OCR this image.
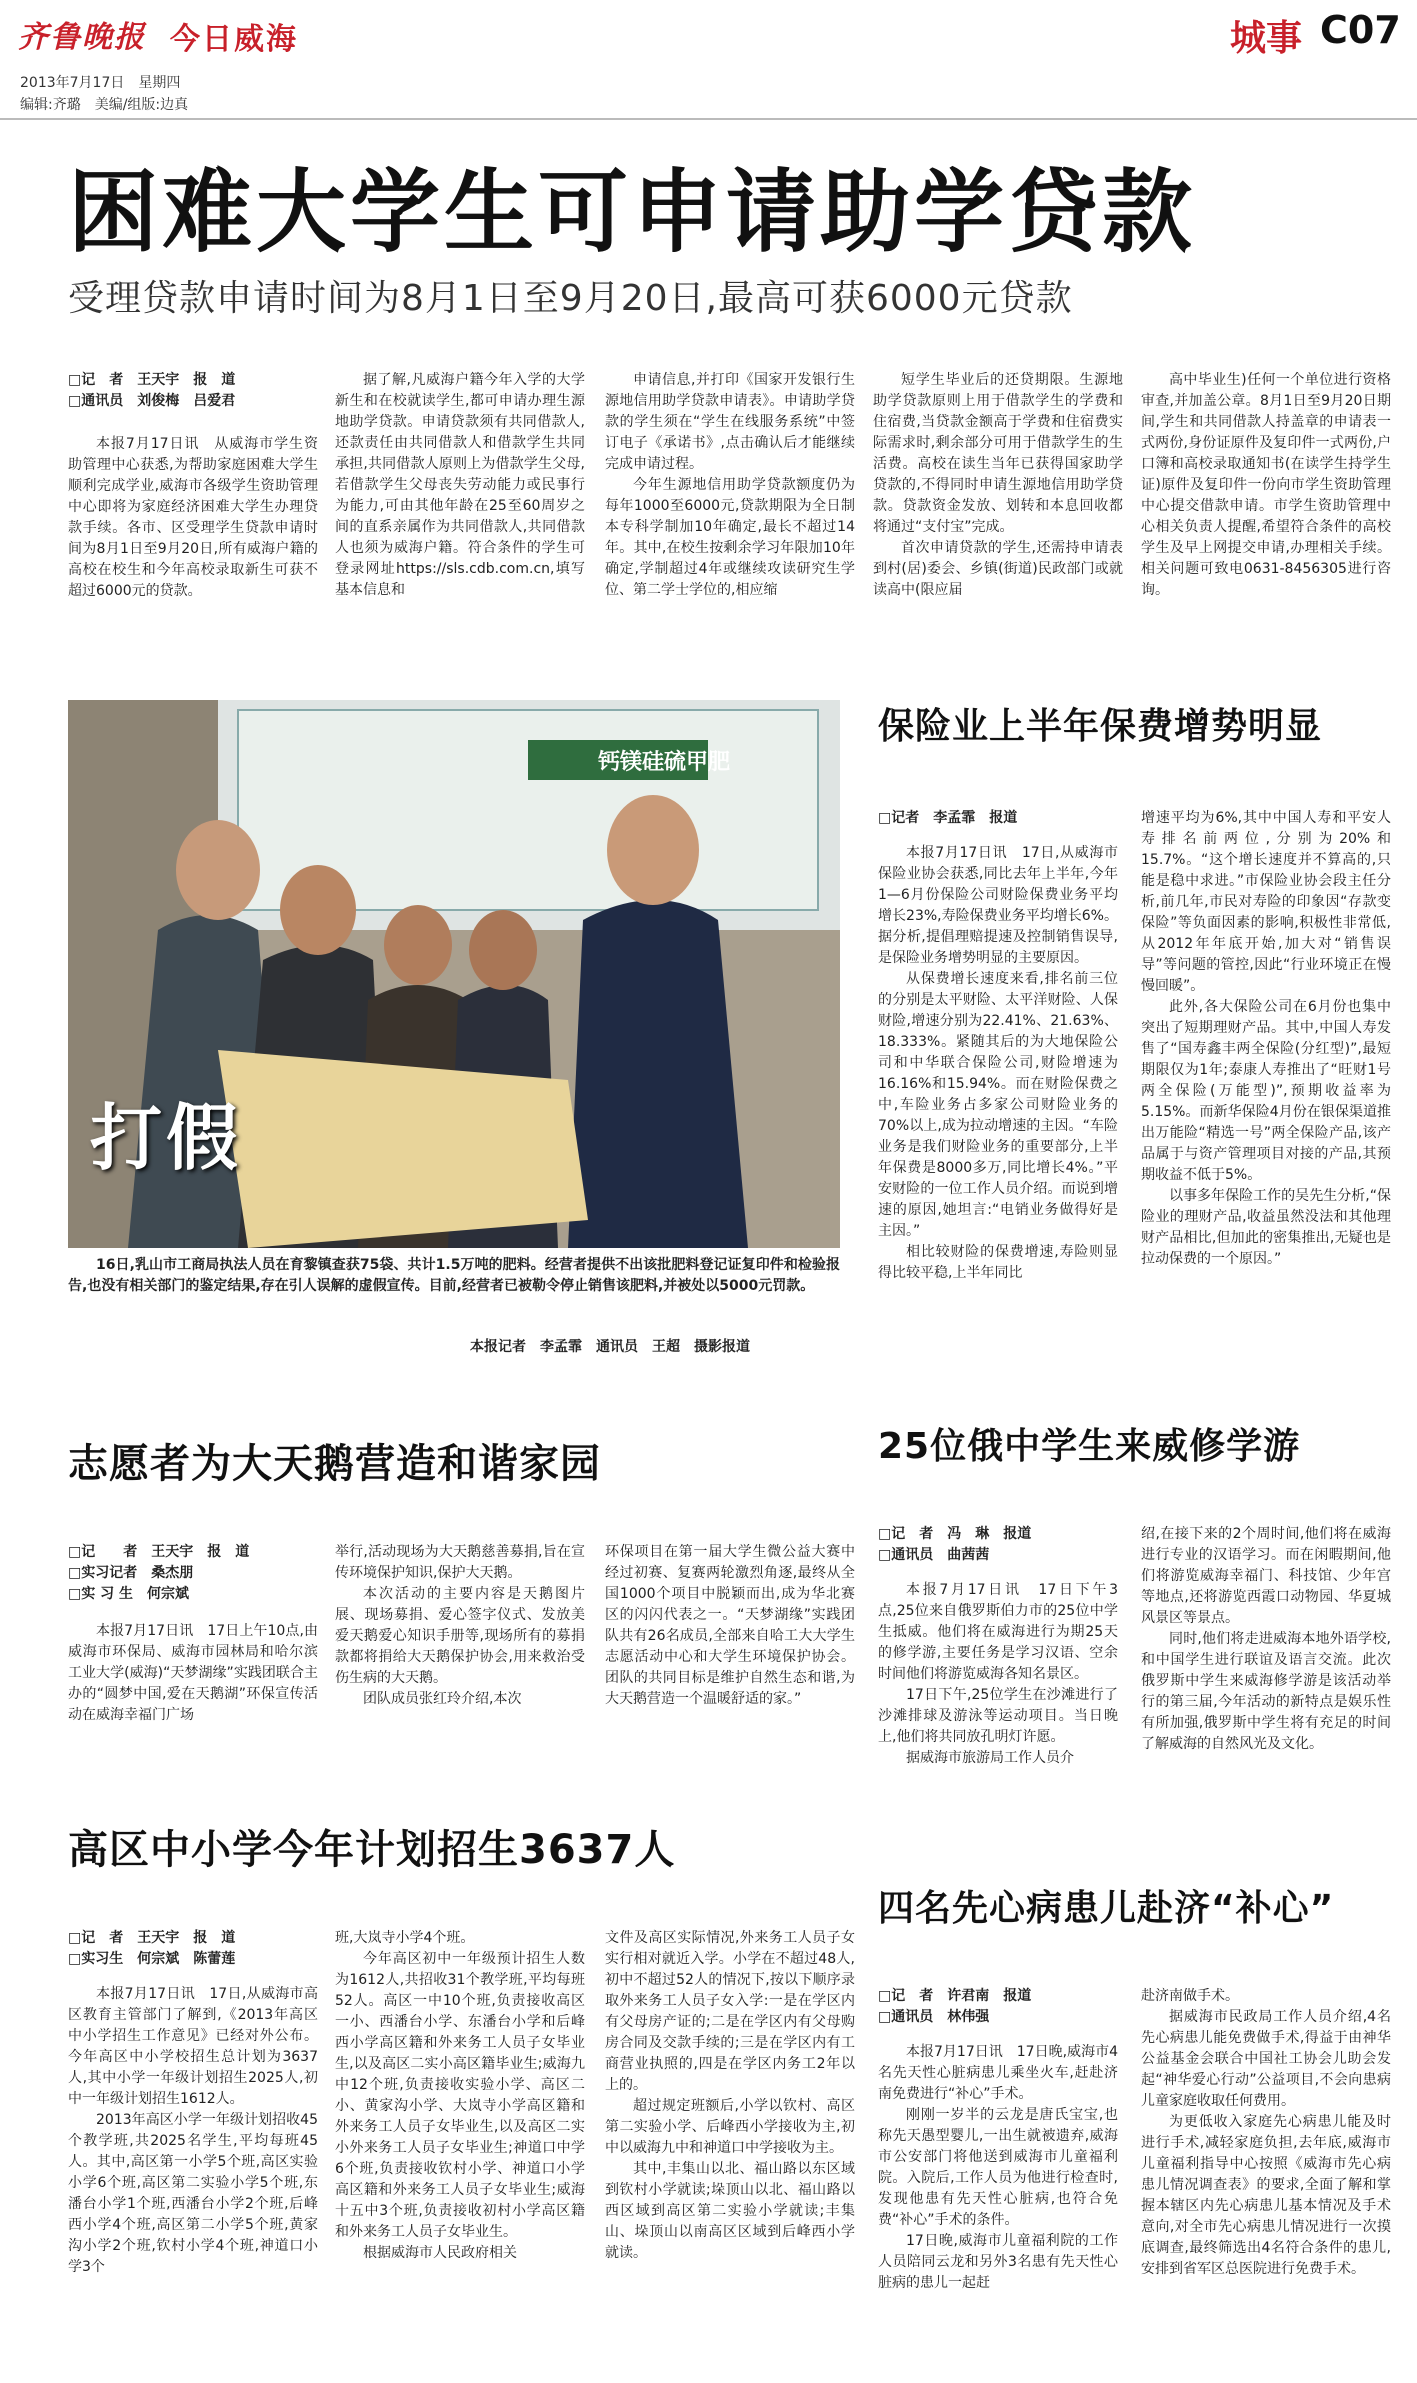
齐鲁晚报 今日威海	城事 C07
2013年7月17日　星期四
编辑:齐璐　美编/组版:边真
困难大学生可申请助学贷款
受理贷款申请时间为8月1日至9月20日,最高可获6000元贷款
□记　者　王天宇　报　道
□通讯员　刘俊梅　吕爱君

本报7月17日讯　从威海市学生资助管理中心获悉,为帮助家庭困难大学生顺利完成学业,威海市各级学生资助管理中心即将为家庭经济困难大学生办理贷款手续。各市、区受理学生贷款申请时间为8月1日至9月20日,所有威海户籍的高校在校生和今年高校录取新生可获不超过6000元的贷款。

据了解,凡威海户籍今年入学的大学新生和在校就读学生,都可申请办理生源地助学贷款。申请贷款须有共同借款人,还款责任由共同借款人和借款学生共同承担,共同借款人原则上为借款学生父母,若借款学生父母丧失劳动能力或民事行为能力,可由其他年龄在25至60周岁之间的直系亲属作为共同借款人,共同借款人也须为威海户籍。符合条件的学生可登录网址https://sls.cdb.com.cn,填写基本信息和

申请信息,并打印《国家开发银行生源地信用助学贷款申请表》。申请助学贷款的学生须在“学生在线服务系统”中签订电子《承诺书》,点击确认后才能继续完成申请过程。

今年生源地信用助学贷款额度仍为每年1000至6000元,贷款期限为全日制本专科学制加10年确定,最长不超过14年。其中,在校生按剩余学习年限加10年确定,学制超过4年或继续攻读研究生学位、第二学士学位的,相应缩

短学生毕业后的还贷期限。生源地助学贷款原则上用于借款学生的学费和住宿费,当贷款金额高于学费和住宿费实际需求时,剩余部分可用于借款学生的生活费。高校在读生当年已获得国家助学贷款的,不得同时申请生源地信用助学贷款。贷款资金发放、划转和本息回收都将通过“支付宝”完成。

首次申请贷款的学生,还需持申请表到村(居)委会、乡镇(街道)民政部门或就读高中(限应届

高中毕业生)任何一个单位进行资格审查,并加盖公章。8月1日至9月20日期间,学生和共同借款人持盖章的申请表一式两份,身份证原件及复印件一式两份,户口簿和高校录取通知书(在读学生持学生证)原件及复印件一份向市学生资助管理中心提交借款申请。市学生资助管理中心相关负责人提醒,希望符合条件的高校学生及早上网提交申请,办理相关手续。相关问题可致电0631-8456305进行咨询。

钙镁硅硫甲肥
打假

16日,乳山市工商局执法人员在育黎镇查获75袋、共计1.5万吨的肥料。经营者提供不出该批肥料登记证复印件和检验报告,也没有相关部门的鉴定结果,存在引人误解的虚假宣传。目前,经营者已被勒令停止销售该肥料,并被处以5000元罚款。

本报记者　李孟霏　通讯员　王超　摄影报道
保险业上半年保费增势明显
□记者　李孟霏　报道

本报7月17日讯　17日,从威海市保险业协会获悉,同比去年上半年,今年1—6月份保险公司财险保费业务平均增长23%,寿险保费业务平均增长6%。据分析,提倡理赔提速及控制销售误导,是保险业务增势明显的主要原因。

从保费增长速度来看,排名前三位的分别是太平财险、太平洋财险、人保财险,增速分别为22.41%、21.63%、18.333%。紧随其后的为大地保险公司和中华联合保险公司,财险增速为16.16%和15.94%。而在财险保费之中,车险业务占多家公司财险业务的70%以上,成为拉动增速的主因。“车险业务是我们财险业务的重要部分,上半年保费是8000多万,同比增长4%。”平安财险的一位工作人员介绍。而说到增速的原因,她坦言:“电销业务做得好是主因。”

相比较财险的保费增速,寿险则显得比较平稳,上半年同比

增速平均为6%,其中中国人寿和平安人寿排名前两位,分别为20%和15.7%。“这个增长速度并不算高的,只能是稳中求进。”市保险业协会段主任分析,前几年,市民对寿险的印象因“存款变保险”等负面因素的影响,积极性非常低,从2012年年底开始,加大对“销售误导”等问题的管控,因此“行业环境正在慢慢回暖”。

此外,各大保险公司在6月份也集中突出了短期理财产品。其中,中国人寿发售了“国寿鑫丰两全保险(分红型)”,最短期限仅为1年;泰康人寿推出了“旺财1号两全保险(万能型)”,预期收益率为5.15%。而新华保险4月份在银保渠道推出万能险“精选一号”两全保险产品,该产品属于与资产管理项目对接的产品,其预期收益不低于5%。

以事多年保险工作的吴先生分析,“保险业的理财产品,收益虽然没法和其他理财产品相比,但加此的密集推出,无疑也是拉动保费的一个原因。”

志愿者为大天鹅营造和谐家园
□记　　者　王天宇　报　道
□实习记者　桑杰朋
□实 习 生　何宗斌

本报7月17日讯　17日上午10点,由威海市环保局、威海市园林局和哈尔滨工业大学(威海)“天梦湖缘”实践团联合主办的“圆梦中国,爱在天鹅湖”环保宣传活动在威海幸福门广场

举行,活动现场为大天鹅慈善募捐,旨在宣传环境保护知识,保护大天鹅。

本次活动的主要内容是天鹅图片展、现场募捐、爱心签字仪式、发放美爱天鹅爱心知识手册等,现场所有的募捐款都将捐给大天鹅保护协会,用来救治受伤生病的大天鹅。

团队成员张红玲介绍,本次

环保项目在第一届大学生微公益大赛中经过初赛、复赛两轮激烈角逐,最终从全国1000个项目中脱颖而出,成为华北赛区的闪闪代表之一。“天梦湖缘”实践团队共有26名成员,全部来自哈工大大学生志愿活动中心和大学生环境保护协会。团队的共同目标是维护自然生态和谐,为大天鹅营造一个温暖舒适的家。”

25位俄中学生来威修学游
□记　者　冯　琳　报道
□通讯员　曲茜茜

本报7月17日讯　17日下午3点,25位来自俄罗斯伯力市的25位中学生抵威。他们将在威海进行为期25天的修学游,主要任务是学习汉语、空余时间他们将游览威海各知名景区。

17日下午,25位学生在沙滩进行了沙滩排球及游泳等运动项目。当日晚上,他们将共同放孔明灯许愿。

据威海市旅游局工作人员介

绍,在接下来的2个周时间,他们将在威海进行专业的汉语学习。而在闲暇期间,他们将游览威海幸福门、科技馆、少年宫等地点,还将游览西霞口动物园、华夏城风景区等景点。

同时,他们将走进威海本地外语学校,和中国学生进行联谊及语言交流。此次俄罗斯中学生来威海修学游是该活动举行的第三届,今年活动的新特点是娱乐性有所加强,俄罗斯中学生将有充足的时间了解威海的自然风光及文化。

高区中小学今年计划招生3637人
□记　者　王天宇　报　道
□实习生　何宗斌　陈蕾莲

本报7月17日讯　17日,从威海市高区教育主管部门了解到,《2013年高区中小学招生工作意见》已经对外公布。今年高区中小学校招生总计划为3637人,其中小学一年级计划招生2025人,初中一年级计划招生1612人。

2013年高区小学一年级计划招收45个教学班,共2025名学生,平均每班45人。其中,高区第一小学5个班,高区实验小学6个班,高区第二实验小学5个班,东潘台小学1个班,西潘台小学2个班,后峰西小学4个班,高区第二小学5个班,黄家沟小学2个班,钦村小学4个班,神道口小学3个

班,大岚寺小学4个班。

今年高区初中一年级预计招生人数为1612人,共招收31个教学班,平均每班52人。高区一中10个班,负责接收高区一小、西潘台小学、东潘台小学和后峰西小学高区籍和外来务工人员子女毕业生,以及高区二实小高区籍毕业生;威海九中12个班,负责接收实验小学、高区二小、黄家沟小学、大岚寺小学高区籍和外来务工人员子女毕业生,以及高区二实小外来务工人员子女毕业生;神道口中学6个班,负责接收钦村小学、神道口小学高区籍和外来务工人员子女毕业生;威海十五中3个班,负责接收初村小学高区籍和外来务工人员子女毕业生。

根据威海市人民政府相关

文件及高区实际情况,外来务工人员子女实行相对就近入学。小学在不超过48人,初中不超过52人的情况下,按以下顺序录取外来务工人员子女入学:一是在学区内有父母房产证的;二是在学区内有父母购房合同及交款手续的;三是在学区内有工商营业执照的,四是在学区内务工2年以上的。

超过规定班额后,小学以钦村、高区第二实验小学、后峰西小学接收为主,初中以威海九中和神道口中学接收为主。

其中,丰集山以北、福山路以东区域到钦村小学就读;垛顶山以北、福山路以西区域到高区第二实验小学就读;丰集山、垛顶山以南高区区域到后峰西小学就读。

四名先心病患儿赴济“补心”
□记　者　许君南　报道
□通讯员　林伟强

本报7月17日讯　17日晚,威海市4名先天性心脏病患儿乘坐火车,赶赴济南免费进行“补心”手术。

刚刚一岁半的云龙是唐氏宝宝,也称先天愚型婴儿,一出生就被遗弃,威海市公安部门将他送到威海市儿童福利院。入院后,工作人员为他进行检查时,发现他患有先天性心脏病,也符合免费“补心”手术的条件。

17日晚,威海市儿童福利院的工作人员陪同云龙和另外3名患有先天性心脏病的患儿一起赶

赴济南做手术。

据威海市民政局工作人员介绍,4名先心病患儿能免费做手术,得益于由神华公益基金会联合中国社工协会儿助会发起“神华爱心行动”公益项目,不会向患病儿童家庭收取任何费用。

为更低收入家庭先心病患儿能及时进行手术,减轻家庭负担,去年底,威海市儿童福利指导中心按照《威海市先心病患儿情况调查表》的要求,全面了解和掌握本辖区内先心病患儿基本情况及手术意向,对全市先心病患儿情况进行一次摸底调查,最终筛选出4名符合条件的患儿,安排到省军区总医院进行免费手术。
